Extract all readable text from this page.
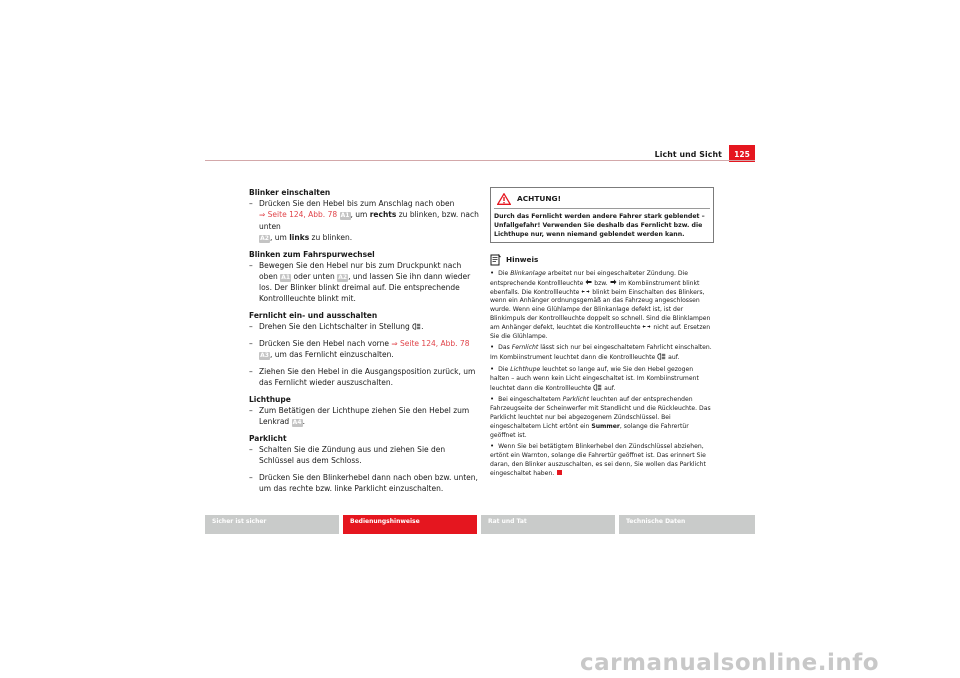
Licht und Sicht	125
Blinker einschalten
– Drücken Sie den Hebel bis zum Anschlag nach oben
⇒ Seite 124, Abb. 78 A1, um rechts zu blinken, bzw. nach unten
A2, um links zu blinken.
Blinken zum Fahrspurwechsel
– Bewegen Sie den Hebel nur bis zum Druckpunkt nach oben A1 oder unten A2, und lassen Sie ihn dann wieder los. Der Blinker blinkt dreimal auf. Die entsprechende Kontrollleuchte blinkt mit.
Fernlicht ein- und ausschalten
– Drehen Sie den Lichtschalter in Stellung .
– Drücken Sie den Hebel nach vorne ⇒ Seite 124, Abb. 78 A3, um das Fernlicht einzuschalten.
– Ziehen Sie den Hebel in die Ausgangsposition zurück, um das Fernlicht wieder auszuschalten.
Lichthupe
– Zum Betätigen der Lichthupe ziehen Sie den Hebel zum Lenkrad A4.
Parklicht
– Schalten Sie die Zündung aus und ziehen Sie den Schlüssel aus dem Schloss.
– Drücken Sie den Blinkerhebel dann nach oben bzw. unten, um das rechte bzw. linke Parklicht einzuschalten.
ACHTUNG!
Durch das Fernlicht werden andere Fahrer stark geblendet – Unfallgefahr! Verwenden Sie deshalb das Fernlicht bzw. die Lichthupe nur, wenn niemand geblendet werden kann.
Hinweis
• Die Blinkanlage arbeitet nur bei eingeschalteter Zündung. Die entsprechende Kontrollleuchte  bzw.  im Kombiinstrument blinkt ebenfalls. Die Kontrollleuchte  blinkt beim Einschalten des Blinkers, wenn ein Anhänger ordnungsgemäß an das Fahrzeug angeschlossen wurde. Wenn eine Glühlampe der Blinkanlage defekt ist, ist der Blinkimpuls der Kontrollleuchte doppelt so schnell. Sind die Blinklampen am Anhänger defekt, leuchtet die Kontrollleuchte  nicht auf. Ersetzen Sie die Glühlampe.
• Das Fernlicht lässt sich nur bei eingeschaltetem Fahrlicht einschalten. Im Kombiinstrument leuchtet dann die Kontrollleuchte  auf.
• Die Lichthupe leuchtet so lange auf, wie Sie den Hebel gezogen halten – auch wenn kein Licht eingeschaltet ist. Im Kombiinstrument leuchtet dann die Kontrollleuchte  auf.
• Bei eingeschaltetem Parklicht leuchten auf der entsprechenden Fahrzeugseite der Scheinwerfer mit Standlicht und die Rückleuchte. Das Parklicht leuchtet nur bei abgezogenem Zündschlüssel. Bei eingeschaltetem Licht ertönt ein Summer, solange die Fahrertür geöffnet ist.
• Wenn Sie bei betätigtem Blinkerhebel den Zündschlüssel abziehen, ertönt ein Warnton, solange die Fahrertür geöffnet ist. Das erinnert Sie daran, den Blinker auszuschalten, es sei denn, Sie wollen das Parklicht eingeschaltet haben.
Sicher ist sicher	Bedienungshinweise	Rat und Tat	Technische Daten
carmanualsonline.info
